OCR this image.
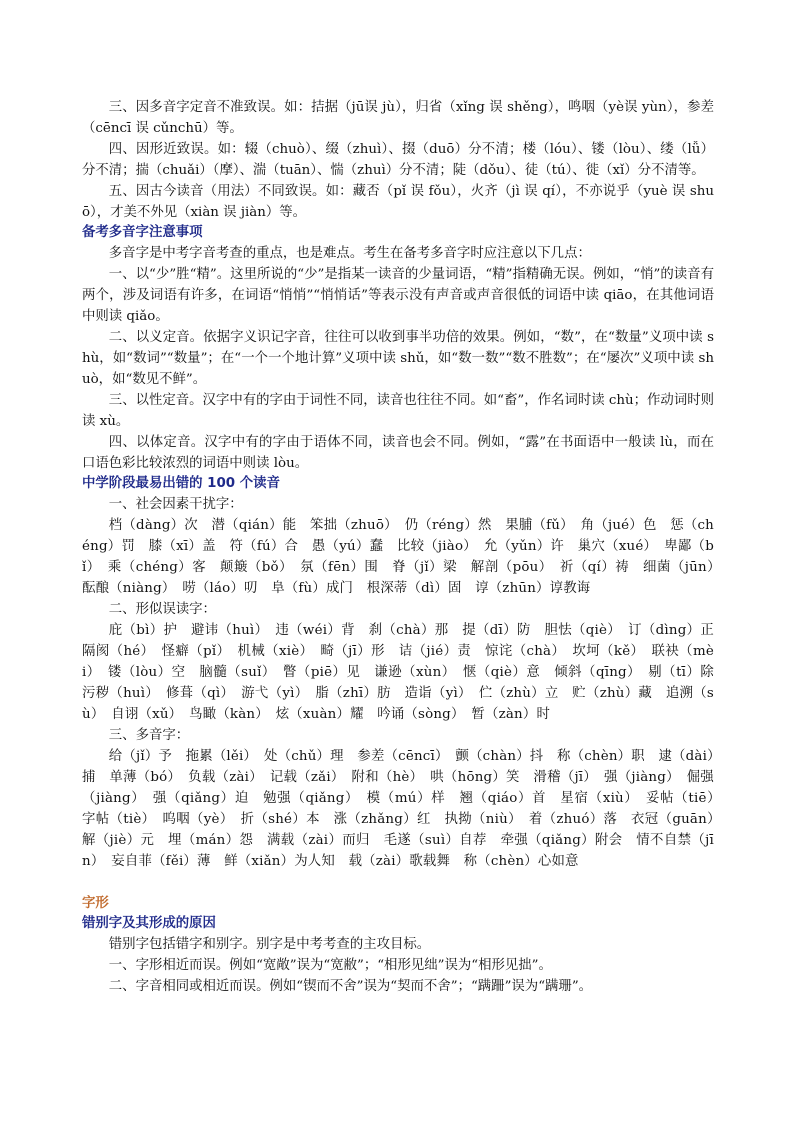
三、因多音字定音不准致误。如：拮据（jū误 jù），归省（xǐng 误 shěng），鸣咽（yè误 yùn），参差（cēncī 误 cǔnchū）等。

四、因形近致误。如：辍（chuò）、缀（zhuì）、掇（duō）分不清；楼（lóu）、镂（lòu）、缕（lǚ）分不清；揣（chuǎi）（摩）、湍（tuān）、惴（zhuì）分不清；陡（dǒu）、徒（tú）、徙（xǐ）分不清等。

五、因古今读音（用法）不同致误。如：藏否（pǐ 误 fǒu），火齐（jì 误 qí），不亦说乎（yuè 误 shuō），才美不外见（xiàn 误 jiàn）等。

备考多音字注意事项

多音字是中考字音考查的重点，也是难点。考生在备考多音字时应注意以下几点：

一、以“少”胜“精”。这里所说的“少”是指某一读音的少量词语，“精”指精确无误。例如，“悄”的读音有两个，涉及词语有许多，在词语“悄悄”“悄悄话”等表示没有声音或声音很低的词语中读 qiāo，在其他词语中则读 qiǎo。

二、以义定音。依据字义识记字音，往往可以收到事半功倍的效果。例如，“数”，在“数量”义项中读 shù，如“数词”“数量”；在“一个一个地计算”义项中读 shǔ，如“数一数”“数不胜数”；在“屡次”义项中读 shuò，如“数见不鲜”。

三、以性定音。汉字中有的字由于词性不同，读音也往往不同。如“畜”，作名词时读 chù；作动词时则读 xù。

四、以体定音。汉字中有的字由于语体不同，读音也会不同。例如，“露”在书面语中一般读 lù，而在口语色彩比较浓烈的词语中则读 lòu。

中学阶段最易出错的 100 个读音

一、社会因素干扰字：

档（dàng）次　潜（qián）能　笨拙（zhuō）　仍（réng）然　果脯（fǔ）　角（jué）色　惩（chéng）罚　膝（xī）盖　符（fú）合　愚（yú）蠢　比较（jiào）　允（yǔn）许　巢穴（xué）　卑鄙（bǐ）　乘（chéng）客　颠簸（bǒ）　氛（fēn）围　脊（jǐ）梁　解剖（pōu）　祈（qí）祷　细菌（jūn）　酝酿（niàng）　唠（láo）叨　阜（fù）成门　根深蒂（dì）固　谆（zhūn）谆教诲

二、形似误读字：

庇（bì）护　避讳（huì）　违（wéi）背　刹（chà）那　提（dī）防　胆怯（qiè）　订（dìng）正　隔阂（hé）　怪癖（pǐ）　机械（xiè）　畸（jī）形　诘（jié）责　惊诧（chà）　坎坷（kě）　联袂（mèi）　镂（lòu）空　脑髓（suǐ）　瞥（piē）见　谦逊（xùn）　惬（qiè）意　倾斜（qīng）　剔（tī）除　污秽（huì）　修葺（qì）　游弋（yì）　脂（zhī）肪　造诣（yì）　伫（zhù）立　贮（zhù）藏　追溯（sù）　自诩（xǔ）　鸟瞰（kàn）　炫（xuàn）耀　吟诵（sòng）　暂（zàn）时

三、多音字：

给（jǐ）予　拖累（lěi）　处（chǔ）理　参差（cēncī）　颤（chàn）抖　称（chèn）职　逮（dài）捕　单薄（bó）　负载（zài）　记载（zǎi）　附和（hè）　哄（hōng）笑　滑稽（jī）　强（jiàng）　倔强（jiàng）　强（qiǎng）迫　勉强（qiǎng）　模（mú）样　翘（qiáo）首　星宿（xiù）　妥帖（tiē）　字帖（tiè）　呜咽（yè）　折（shé）本　涨（zhǎng）红　执拗（niù）　着（zhuó）落　衣冠（guān）　解（jiè）元　埋（mán）怨　满载（zài）而归　毛遂（suì）自荐　牵强（qiǎng）附会　情不自禁（jīn）　妄自菲（fěi）薄　鲜（xiǎn）为人知　载（zài）歌载舞　称（chèn）心如意

字形
错别字及其形成的原因

错别字包括错字和别字。别字是中考考查的主攻目标。

一、字形相近而误。例如“宽敞”误为“宽敝”；“相形见绌”误为“相形见拙”。

二、字音相同或相近而误。例如“锲而不舍”误为“契而不舍”；“蹒跚”误为“蹒珊”。
